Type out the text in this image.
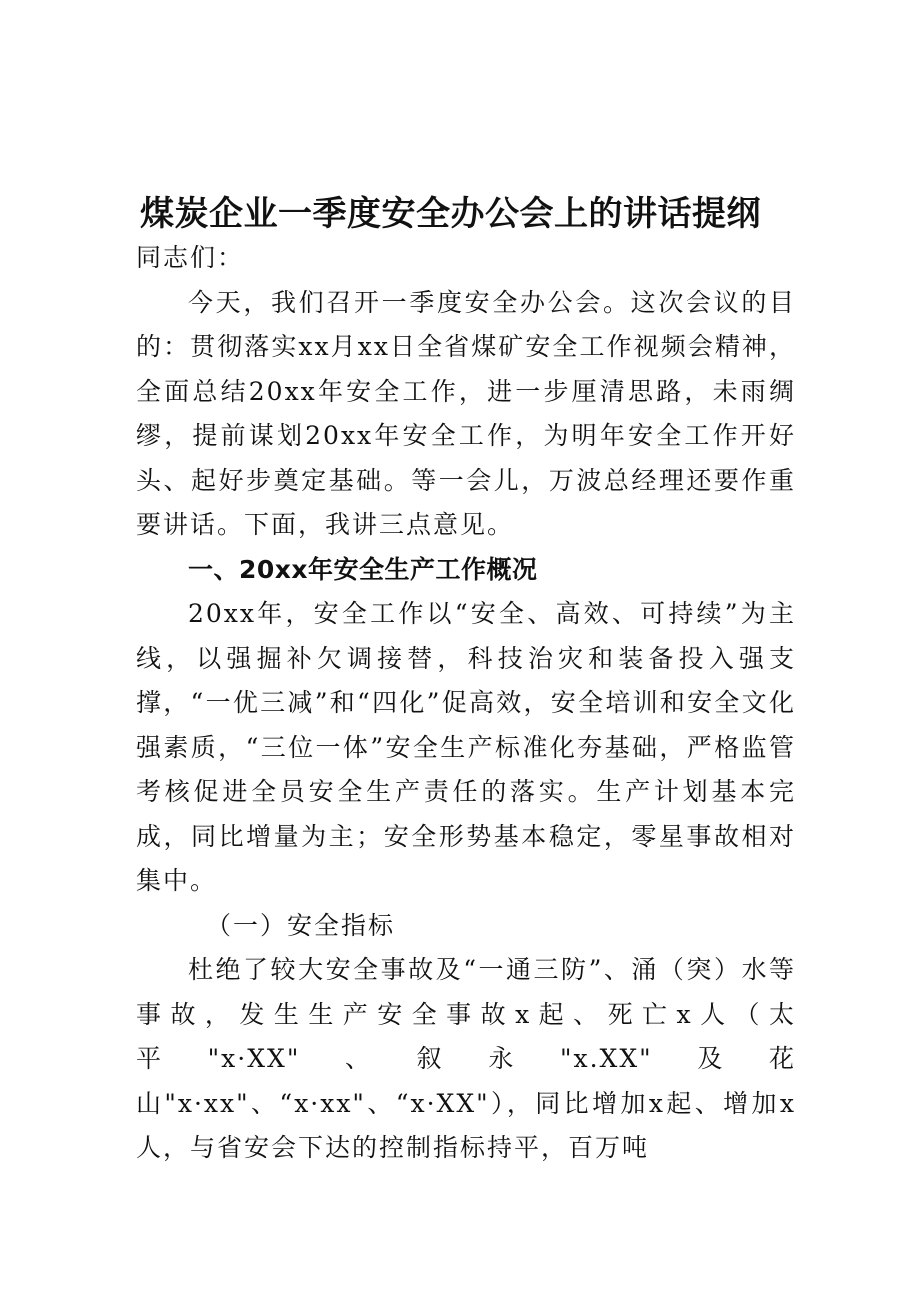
煤炭企业一季度安全办公会上的讲话提纲

同志们：

今天，我们召开一季度安全办公会。这次会议的目的：贯彻落实xx月xx日全省煤矿安全工作视频会精神，全面总结20xx年安全工作，进一步厘清思路，未雨绸缪，提前谋划20xx年安全工作，为明年安全工作开好头、起好步奠定基础。等一会儿，万波总经理还要作重要讲话。下面，我讲三点意见。

一、20xx年安全生产工作概况

20xx年，安全工作以“安全、高效、可持续”为主线，以强掘补欠调接替，科技治灾和装备投入强支撑，“一优三减”和“四化”促高效，安全培训和安全文化强素质，“三位一体”安全生产标准化夯基础，严格监管考核促进全员安全生产责任的落实。生产计划基本完成，同比增量为主；安全形势基本稳定，零星事故相对集中。

（一）安全指标

杜绝了较大安全事故及“一通三防”、涌（突）水等事故，发生生产安全事故x起、死亡x人（太平"x·XX"、叙永"x.XX"及花山"x·xx"、“x·xx"、“x·XX"），同比增加x起、增加x人，与省安会下达的控制指标持平，百万吨
